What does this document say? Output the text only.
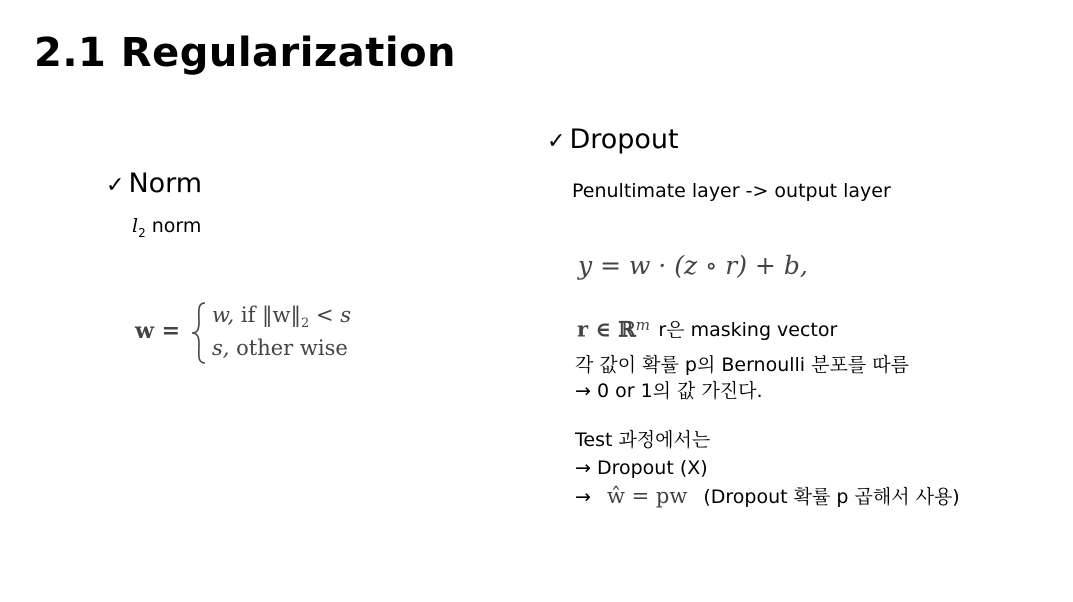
2.1 Regularization
✓ Norm
$l_2$ norm
w =
w, if $‖w‖_2 < s$
s, other wise
✓ Dropout
Penultimate layer -> output layer
y = w · (z ∘ r) + b,
r ∈ ℝ$^m$ r은 masking vector
각 값이 확률 p의 Bernoulli 분포를 따름
→ 0 or 1의 값 가진다.
Test 과정에서는
→ Dropout (X)
→ ŵ = pw (Dropout 확률 p 곱해서 사용)
